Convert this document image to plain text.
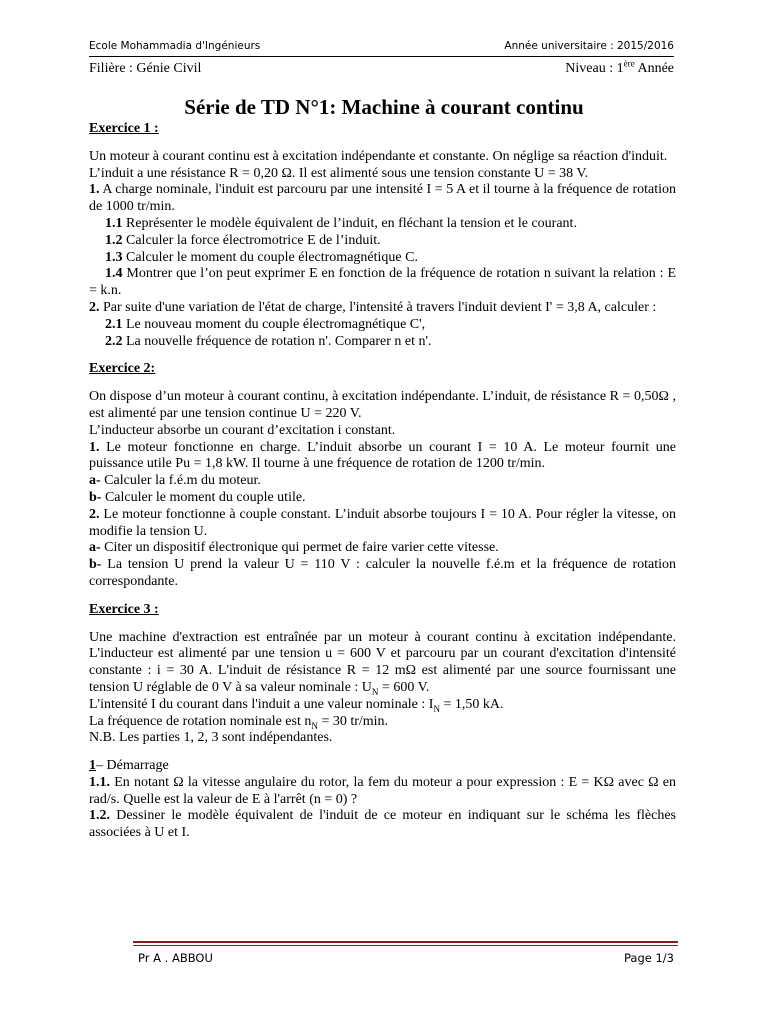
Ecole Mohammadia d'Ingénieurs	Année universitaire : 2015/2016
Filière : Génie Civil	Niveau : 1ère Année
Série de TD N°1: Machine à courant continu

Exercice 1 :

Un moteur à courant continu est à excitation indépendante et constante. On néglige sa réaction d'induit.

L’induit a une résistance R = 0,20 Ω. Il est alimenté sous une tension constante U = 38 V.

1. A charge nominale, l'induit est parcouru par une intensité I = 5 A et il tourne à la fréquence de rotation de 1000 tr/min.

1.1 Représenter le modèle équivalent de l’induit, en fléchant la tension et le courant.

1.2 Calculer la force électromotrice E de l’induit.

1.3 Calculer le moment du couple électromagnétique C.

1.4 Montrer que l’on peut exprimer E en fonction de la fréquence de rotation n suivant la relation : E = k.n.

2. Par suite d'une variation de l'état de charge, l'intensité à travers l'induit devient I' = 3,8 A, calculer :

2.1 Le nouveau moment du couple électromagnétique C',

2.2 La nouvelle fréquence de rotation n'. Comparer n et n'.

Exercice 2:

On dispose d’un moteur à courant continu, à excitation indépendante. L’induit, de résistance R = 0,50Ω , est alimenté par une tension continue U = 220 V.

L’inducteur absorbe un courant d’excitation i constant.

1. Le moteur fonctionne en charge. L’induit absorbe un courant I = 10 A. Le moteur fournit une puissance utile Pu = 1,8 kW. Il tourne à une fréquence de rotation de 1200 tr/min.

a- Calculer la f.é.m du moteur.

b- Calculer le moment du couple utile.

2. Le moteur fonctionne à couple constant. L’induit absorbe toujours I = 10 A. Pour régler la vitesse, on modifie la tension U.

a- Citer un dispositif électronique qui permet de faire varier cette vitesse.

b- La tension U prend la valeur U = 110 V : calculer la nouvelle f.é.m et la fréquence de rotation correspondante.

Exercice 3 :

Une machine d'extraction est entraînée par un moteur à courant continu à excitation indépendante. L'inducteur est alimenté par une tension u = 600 V et parcouru par un courant d'excitation d'intensité constante : i = 30 A. L'induit de résistance R = 12 mΩ est alimenté par une source fournissant une tension U réglable de 0 V à sa valeur nominale : $U_N = 600$ V.

L'intensité I du courant dans l'induit a une valeur nominale : $I_N = 1,50$ kA.

La fréquence de rotation nominale est $n_N = 30$ tr/min.

N.B. Les parties 1, 2, 3 sont indépendantes.

1– Démarrage

1.1. En notant Ω la vitesse angulaire du rotor, la fem du moteur a pour expression : E = KΩ avec Ω en rad/s. Quelle est la valeur de E à l'arrêt (n = 0) ?

1.2. Dessiner le modèle équivalent de l'induit de ce moteur en indiquant sur le schéma les flèches associées à U et I.

Pr A . ABBOU	Page 1/3
